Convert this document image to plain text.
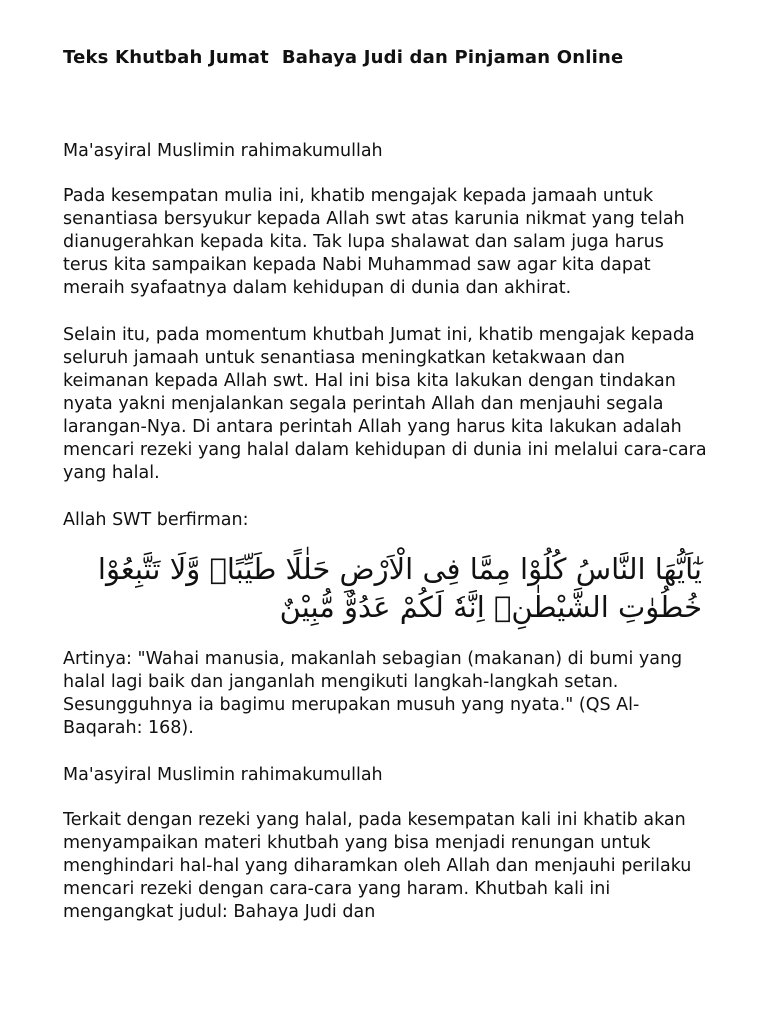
Teks Khutbah Jumat  Bahaya Judi dan Pinjaman Online

Ma'asyiral Muslimin rahimakumullah

Pada kesempatan mulia ini, khatib mengajak kepada jamaah untuk senantiasa bersyukur kepada Allah swt atas karunia nikmat yang telah dianugerahkan kepada kita. Tak lupa shalawat dan salam juga harus terus kita sampaikan kepada Nabi Muhammad saw agar kita dapat meraih syafaatnya dalam kehidupan di dunia dan akhirat.

Selain itu, pada momentum khutbah Jumat ini, khatib mengajak kepada seluruh jamaah untuk senantiasa meningkatkan ketakwaan dan keimanan kepada Allah swt. Hal ini bisa kita lakukan dengan tindakan nyata yakni menjalankan segala perintah Allah dan menjauhi segala larangan-Nya. Di antara perintah Allah yang harus kita lakukan adalah mencari rezeki yang halal dalam kehidupan di dunia ini melalui cara-cara yang halal.

Allah SWT berfirman:

يٰٓاَيُّهَا النَّاسُ كُلُوْا مِمَّا فِى الْاَرْضِ حَلٰلًا طَيِّبًاۖ وَّلَا تَتَّبِعُوْا خُطُوٰتِ الشَّيْطٰنِۗ اِنَّهٗ لَكُمْ عَدُوٌّ مُّبِيْنٌ

Artinya: "Wahai manusia, makanlah sebagian (makanan) di bumi yang halal lagi baik dan janganlah mengikuti langkah-langkah setan. Sesungguhnya ia bagimu merupakan musuh yang nyata." (QS Al-Baqarah: 168).

Ma'asyiral Muslimin rahimakumullah

Terkait dengan rezeki yang halal, pada kesempatan kali ini khatib akan menyampaikan materi khutbah yang bisa menjadi renungan untuk menghindari hal-hal yang diharamkan oleh Allah dan menjauhi perilaku mencari rezeki dengan cara-cara yang haram. Khutbah kali ini mengangkat judul: Bahaya Judi dan
